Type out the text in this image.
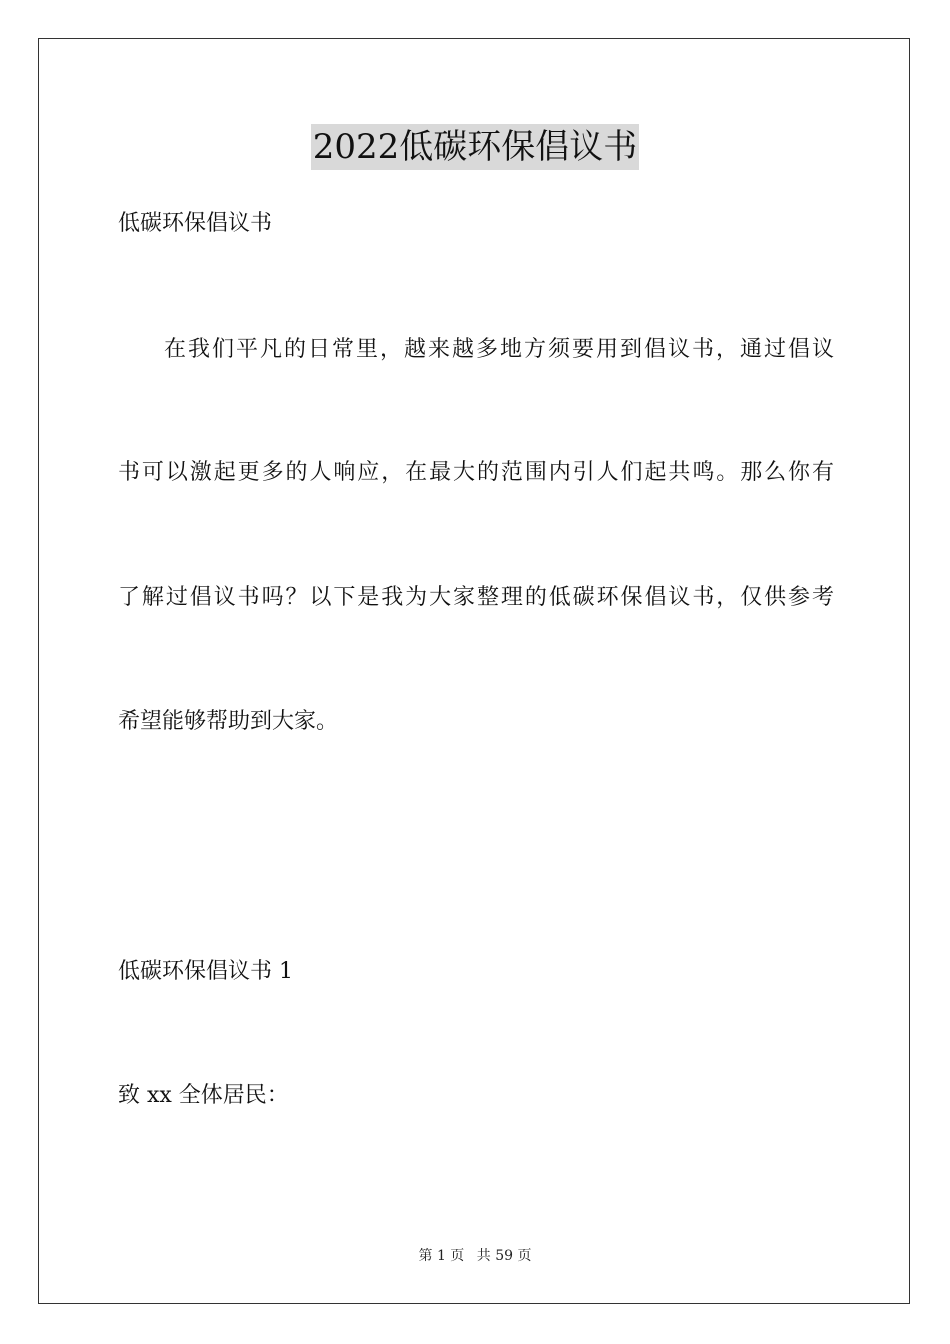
2022低碳环保倡议书
低碳环保倡议书
在我们平凡的日常里，越来越多地方须要用到倡议书，通过倡议
书可以激起更多的人响应，在最大的范围内引人们起共鸣。那么你有
了解过倡议书吗？以下是我为大家整理的低碳环保倡议书，仅供参考
希望能够帮助到大家。
低碳环保倡议书 1
致 xx 全体居民：
第 1 页 共 59 页
